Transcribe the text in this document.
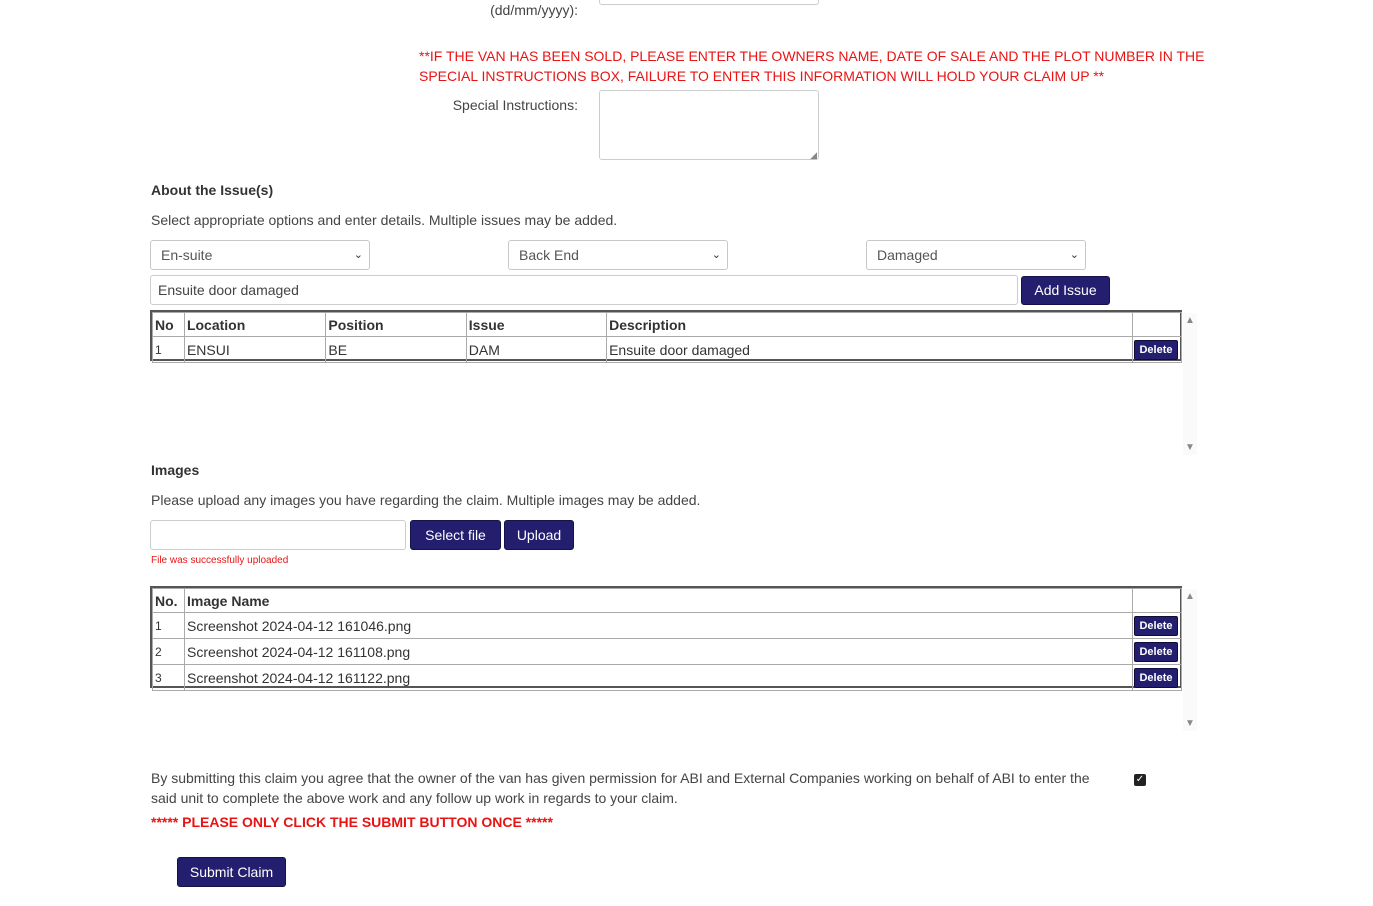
(dd/mm/yyyy):
**IF THE VAN HAS BEEN SOLD, PLEASE ENTER THE OWNERS NAME, DATE OF SALE AND THE PLOT NUMBER IN THE SPECIAL INSTRUCTIONS BOX, FAILURE TO ENTER THIS INFORMATION WILL HOLD YOUR CLAIM UP **
Special Instructions:
◢
About the Issue(s)
Select appropriate options and enter details. Multiple issues may be added.
En-suite	⌄	Back End	⌄	Damaged	⌄
Ensuite door damaged	Add Issue
No	Location	Position	Issue	Description	
1	ENSUI	BE	DAM	Ensuite door damaged	Delete
▲
▼
Images
Please upload any images you have regarding the claim. Multiple images may be added.
Select file	Upload
File was successfully uploaded
No.	Image Name	
1	Screenshot 2024-04-12 161046.png	Delete

2	Screenshot 2024-04-12 161108.png	Delete

3	Screenshot 2024-04-12 161122.png	Delete
▲
▼
By submitting this claim you agree that the owner of the van has given permission for ABI and External Companies working on behalf of ABI to enter the said unit to complete the above work and any follow up work in regards to your claim.
✓
***** PLEASE ONLY CLICK THE SUBMIT BUTTON ONCE *****
Submit Claim
